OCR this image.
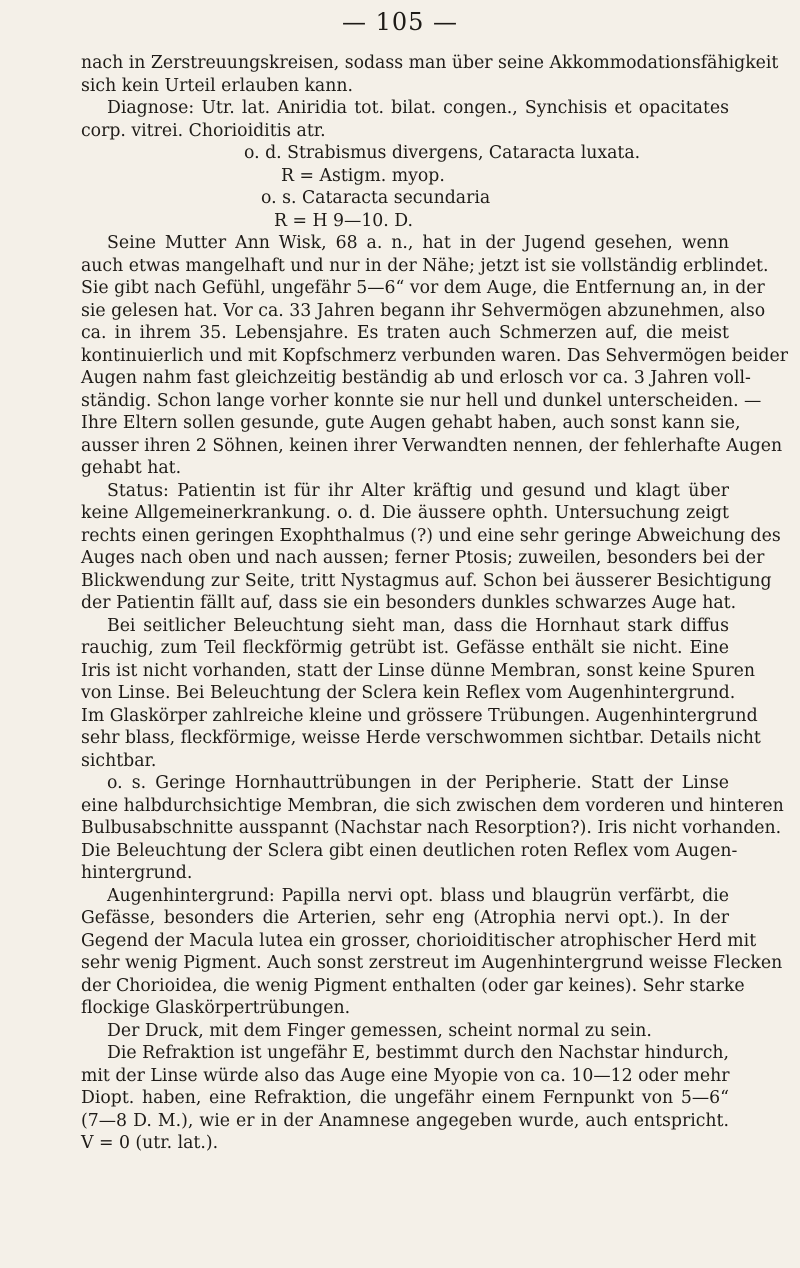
— 105 —
nach in Zerstreuungskreisen, sodass man über seine Akkommodationsfähigkeit
sich kein Urteil erlauben kann.
Diagnose: Utr. lat. Aniridia tot. bilat. congen., Synchisis et opacitates
corp. vitrei. Chorioiditis atr.
o. d. Strabismus divergens, Cataracta luxata.
R = Astigm. myop.
o. s. Cataracta secundaria
R = H 9—10. D.
Seine Mutter Ann Wisk, 68 a. n., hat in der Jugend gesehen, wenn
auch etwas mangelhaft und nur in der Nähe; jetzt ist sie vollständig erblindet.
Sie gibt nach Gefühl, ungefähr 5—6“ vor dem Auge, die Entfernung an, in der
sie gelesen hat. Vor ca. 33 Jahren begann ihr Sehvermögen abzunehmen, also
ca. in ihrem 35. Lebensjahre. Es traten auch Schmerzen auf, die meist
kontinuierlich und mit Kopfschmerz verbunden waren. Das Sehvermögen beider
Augen nahm fast gleichzeitig beständig ab und erlosch vor ca. 3 Jahren voll-
ständig. Schon lange vorher konnte sie nur hell und dunkel unterscheiden. —
Ihre Eltern sollen gesunde, gute Augen gehabt haben, auch sonst kann sie,
ausser ihren 2 Söhnen, keinen ihrer Verwandten nennen, der fehlerhafte Augen
gehabt hat.
Status: Patientin ist für ihr Alter kräftig und gesund und klagt über
keine Allgemeinerkrankung. o. d. Die äussere ophth. Untersuchung zeigt
rechts einen geringen Exophthalmus (?) und eine sehr geringe Abweichung des
Auges nach oben und nach aussen; ferner Ptosis; zuweilen, besonders bei der
Blickwendung zur Seite, tritt Nystagmus auf. Schon bei äusserer Besichtigung
der Patientin fällt auf, dass sie ein besonders dunkles schwarzes Auge hat.
Bei seitlicher Beleuchtung sieht man, dass die Hornhaut stark diffus
rauchig, zum Teil fleckförmig getrübt ist. Gefässe enthält sie nicht. Eine
Iris ist nicht vorhanden, statt der Linse dünne Membran, sonst keine Spuren
von Linse. Bei Beleuchtung der Sclera kein Reflex vom Augenhintergrund.
Im Glaskörper zahlreiche kleine und grössere Trübungen. Augenhintergrund
sehr blass, fleckförmige, weisse Herde verschwommen sichtbar. Details nicht
sichtbar.
o. s. Geringe Hornhauttrübungen in der Peripherie. Statt der Linse
eine halbdurchsichtige Membran, die sich zwischen dem vorderen und hinteren
Bulbusabschnitte ausspannt (Nachstar nach Resorption?). Iris nicht vorhanden.
Die Beleuchtung der Sclera gibt einen deutlichen roten Reflex vom Augen-
hintergrund.
Augenhintergrund: Papilla nervi opt. blass und blaugrün verfärbt, die
Gefässe, besonders die Arterien, sehr eng (Atrophia nervi opt.). In der
Gegend der Macula lutea ein grosser, chorioiditischer atrophischer Herd mit
sehr wenig Pigment. Auch sonst zerstreut im Augenhintergrund weisse Flecken
der Chorioidea, die wenig Pigment enthalten (oder gar keines). Sehr starke
flockige Glaskörpertrübungen.
Der Druck, mit dem Finger gemessen, scheint normal zu sein.
Die Refraktion ist ungefähr E, bestimmt durch den Nachstar hindurch,
mit der Linse würde also das Auge eine Myopie von ca. 10—12 oder mehr
Diopt. haben, eine Refraktion, die ungefähr einem Fernpunkt von 5—6“
(7—8 D. M.), wie er in der Anamnese angegeben wurde, auch entspricht.
V = 0 (utr. lat.).
